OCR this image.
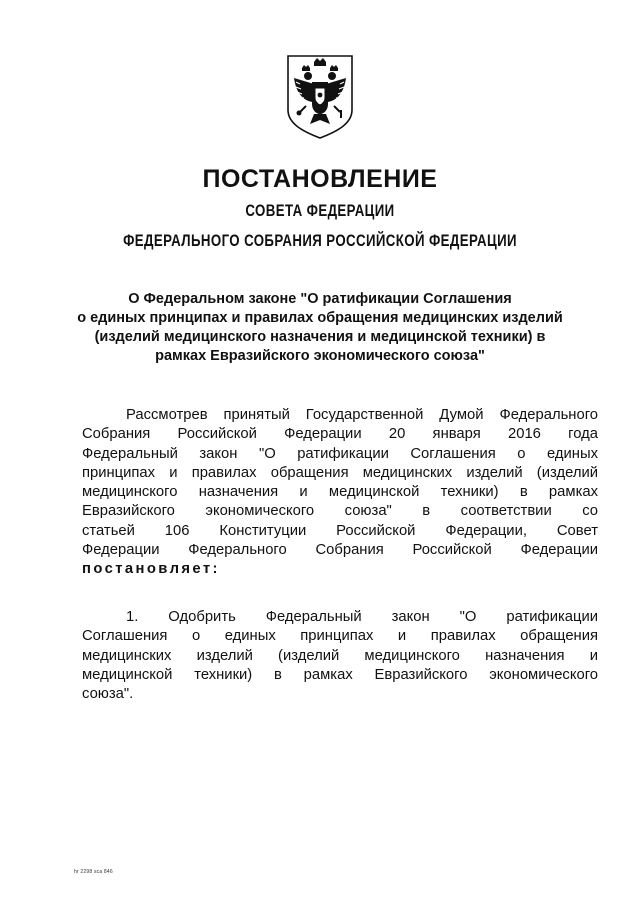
ПОСТАНОВЛЕНИЕ
СОВЕТА ФЕДЕРАЦИИ
ФЕДЕРАЛЬНОГО СОБРАНИЯ РОССИЙСКОЙ ФЕДЕРАЦИИ
О Федеральном законе "О ратификации Соглашения
о единых принципах и правилах обращения медицинских изделий
(изделий медицинского назначения и медицинской техники) в
рамках Евразийского экономического союза"
Рассмотрев принятый Государственной Думой Федерального
Собрания Российской Федерации 20 января 2016 года
Федеральный закон "О ратификации Соглашения о единых
принципах и правилах обращения медицинских изделий (изделий
медицинского назначения и медицинской техники) в рамках
Евразийского экономического союза" в соответствии со
статьей 106 Конституции Российской Федерации, Совет
Федерации Федерального Собрания Российской Федерации
постановляет:
1. Одобрить Федеральный закон "О ратификации
Соглашения о единых принципах и правилах обращения
медицинских изделий (изделий медицинского назначения и
медицинской техники) в рамках Евразийского экономического
союза".
hr 2298 sca 846
